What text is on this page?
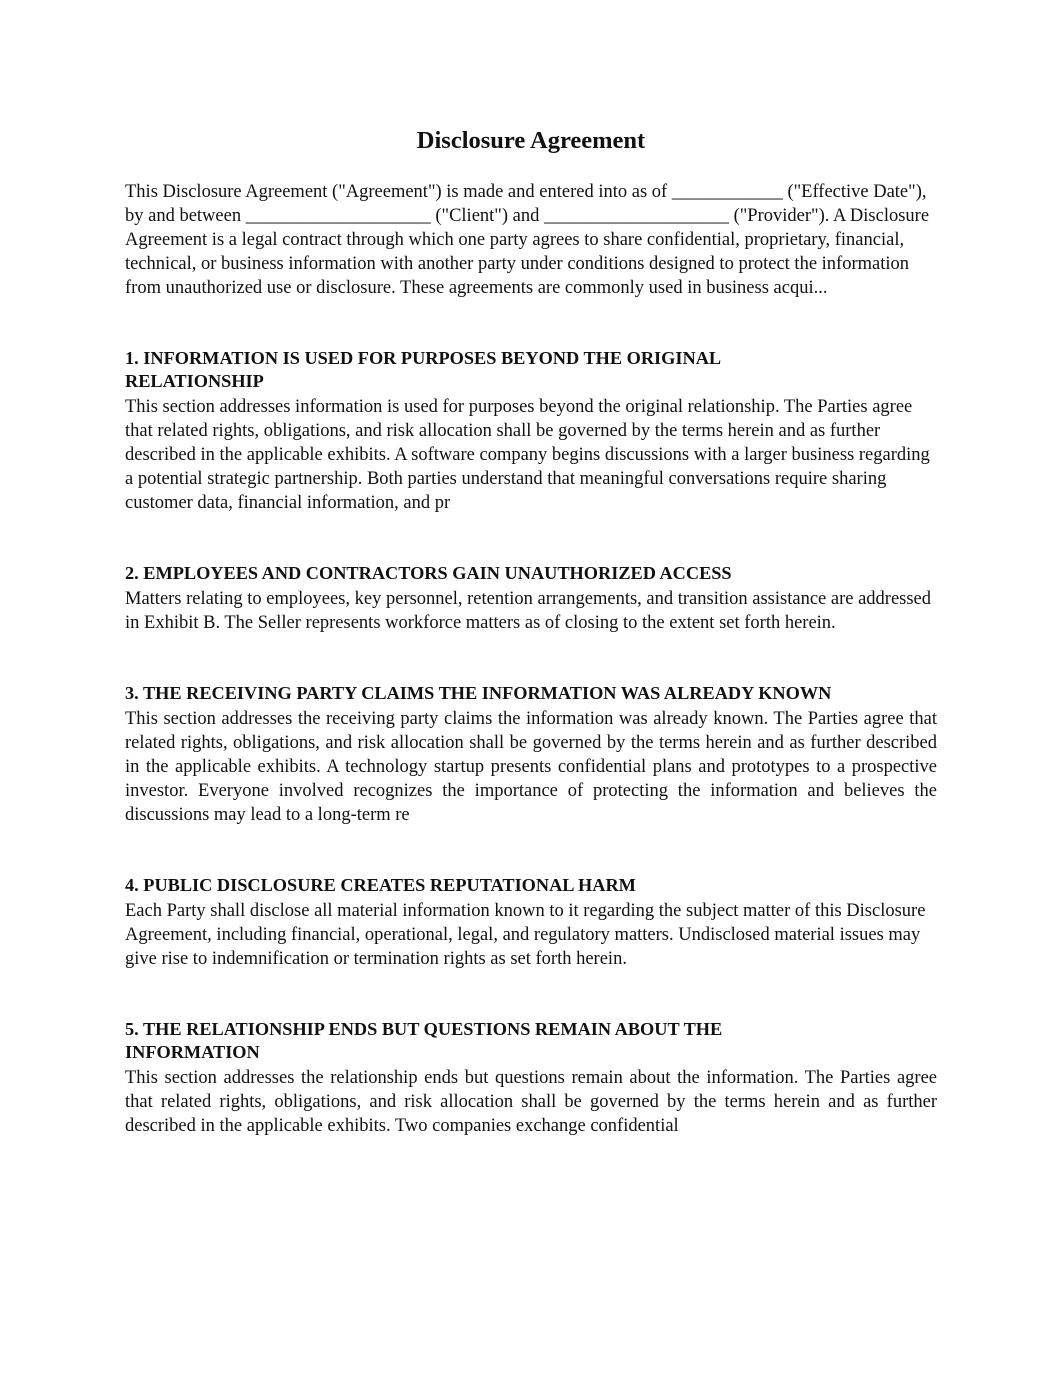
Disclosure Agreement

This Disclosure Agreement ("Agreement") is made and entered into as of ____________ ("Effective Date"), by and between ____________________ ("Client") and ____________________ ("Provider"). A Disclosure Agreement is a legal contract through which one party agrees to share confidential, proprietary, financial, technical, or business information with another party under conditions designed to protect the information from unauthorized use or disclosure. These agreements are commonly used in business acqui...

1. INFORMATION IS USED FOR PURPOSES BEYOND THE ORIGINAL RELATIONSHIP

This section addresses information is used for purposes beyond the original relationship. The Parties agree that related rights, obligations, and risk allocation shall be governed by the terms herein and as further described in the applicable exhibits. A software company begins discussions with a larger business regarding a potential strategic partnership. Both parties understand that meaningful conversations require sharing customer data, financial information, and pr

2. EMPLOYEES AND CONTRACTORS GAIN UNAUTHORIZED ACCESS

Matters relating to employees, key personnel, retention arrangements, and transition assistance are addressed in Exhibit B. The Seller represents workforce matters as of closing to the extent set forth herein.

3. THE RECEIVING PARTY CLAIMS THE INFORMATION WAS ALREADY KNOWN

This section addresses the receiving party claims the information was already known. The Parties agree that related rights, obligations, and risk allocation shall be governed by the terms herein and as further described in the applicable exhibits. A technology startup presents confidential plans and prototypes to a prospective investor. Everyone involved recognizes the importance of protecting the information and believes the discussions may lead to a long-term re

4. PUBLIC DISCLOSURE CREATES REPUTATIONAL HARM

Each Party shall disclose all material information known to it regarding the subject matter of this Disclosure Agreement, including financial, operational, legal, and regulatory matters. Undisclosed material issues may give rise to indemnification or termination rights as set forth herein.

5. THE RELATIONSHIP ENDS BUT QUESTIONS REMAIN ABOUT THE INFORMATION

This section addresses the relationship ends but questions remain about the information. The Parties agree that related rights, obligations, and risk allocation shall be governed by the terms herein and as further described in the applicable exhibits. Two companies exchange confidential
